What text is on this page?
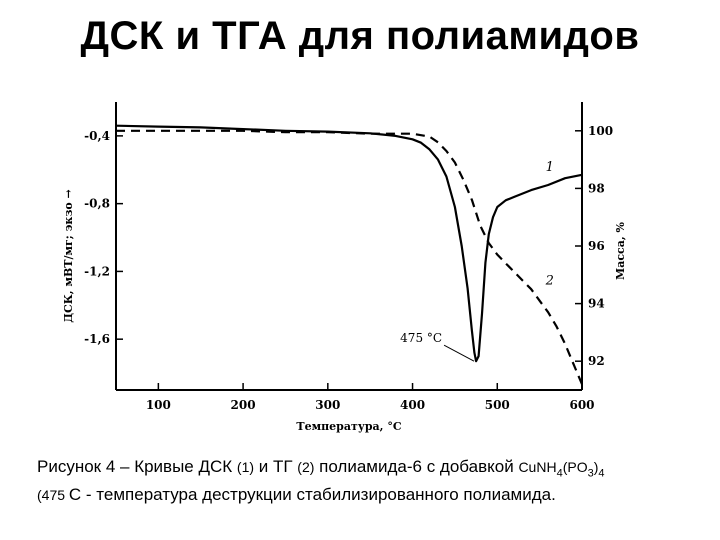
ДСК и ТГА для полиамидов
100	200	300	400	500	600
-0,4
-0,8
-1,2
-1,6
100
98
96
94
92
1
2
475 °С
Температура, °С
ДСК, мВТ/мг; экзо →	Масса, %
Рисунок 4 – Кривые ДСК (1) и ТГ (2) полиамида-6 с добавкой $CuNH_4(PO_3)_4$
(475 С - температура деструкции стабилизированного полиамида.
